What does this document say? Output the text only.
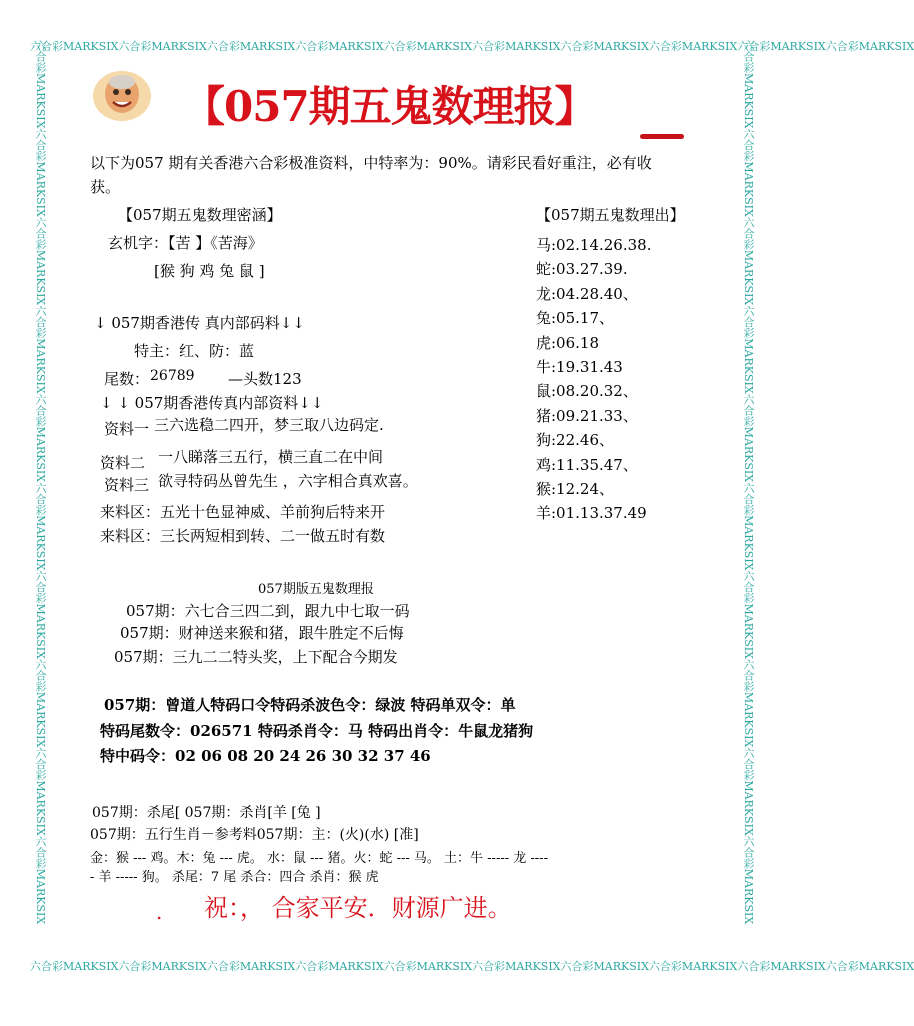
六合彩MARKSIX六合彩MARKSIX六合彩MARKSIX六合彩MARKSIX六合彩MARKSIX六合彩MARKSIX六合彩MARKSIX六合彩MARKSIX六合彩MARKSIX六合彩MARKSIX
六合彩MARKSIX六合彩MARKSIX六合彩MARKSIX六合彩MARKSIX六合彩MARKSIX六合彩MARKSIX六合彩MARKSIX六合彩MARKSIX六合彩MARKSIX六合彩MARKSIX
六合彩MARKSIX六合彩MARKSIX六合彩MARKSIX六合彩MARKSIX六合彩MARKSIX六合彩MARKSIX六合彩MARKSIX六合彩MARKSIX六合彩MARKSIX六合彩MARKSIX	六合彩MARKSIX六合彩MARKSIX六合彩MARKSIX六合彩MARKSIX六合彩MARKSIX六合彩MARKSIX六合彩MARKSIX六合彩MARKSIX六合彩MARKSIX六合彩MARKSIX
【057期五鬼数理报】
以下为057 期有关香港六合彩极准资料，中特率为：90%。请彩民看好重注，必有收
获。
【057期五鬼数理密涵】
玄机字：【苦 】《苦海》
[猴 狗 鸡 兔 鼠 ]
↓ 057期香港传 真内部码料↓↓
特主：红、防：蓝
尾数： 26789 —头数123
↓ ↓ 057期香港传真内部资料↓↓
资料一 三六选稳二四开，梦三取八边码定.
资料二 一八睇落三五行，横三直二在中间
资料三 欲寻特码丛曾先生 ，六字相合真欢喜。
来料区：五光十色显神威、羊前狗后特来开
来料区：三长两短相到转、二一做五时有数
【057期五鬼数理出】
马:02.14.26.38.
蛇:03.27.39.
龙:04.28.40、
兔:05.17、
虎:06.18
牛:19.31.43
鼠:08.20.32、
猪:09.21.33、
狗:22.46、
鸡:11.35.47、
猴:12.24、
羊:01.13.37.49
057期版五鬼数理报
057期：六七合三四二到，跟九中七取一码
057期：财神送来猴和猪，跟牛胜定不后悔
057期：三九二二特头奖，上下配合今期发
057期：曾道人特码口令特码杀波色令：绿波 特码单双令：单
特码尾数令：026571 特码杀肖令：马 特码出肖令：牛鼠龙猪狗
特中码令：02 06 08 20 24 26 30 32 37 46
057期：杀尾[ 057期：杀肖[羊 [兔 ]
057期：五行生肖－参考料057期：主：(火)(水) [准]
金：猴 --- 鸡。木：兔 --- 虎。 水：鼠 --- 猪。火：蛇 --- 马。 土：牛 ----- 龙 ----
- 羊 ----- 狗。 杀尾：7 尾 杀合：四合 杀肖：猴 虎
. 祝：， 合家平安．财源广进。
